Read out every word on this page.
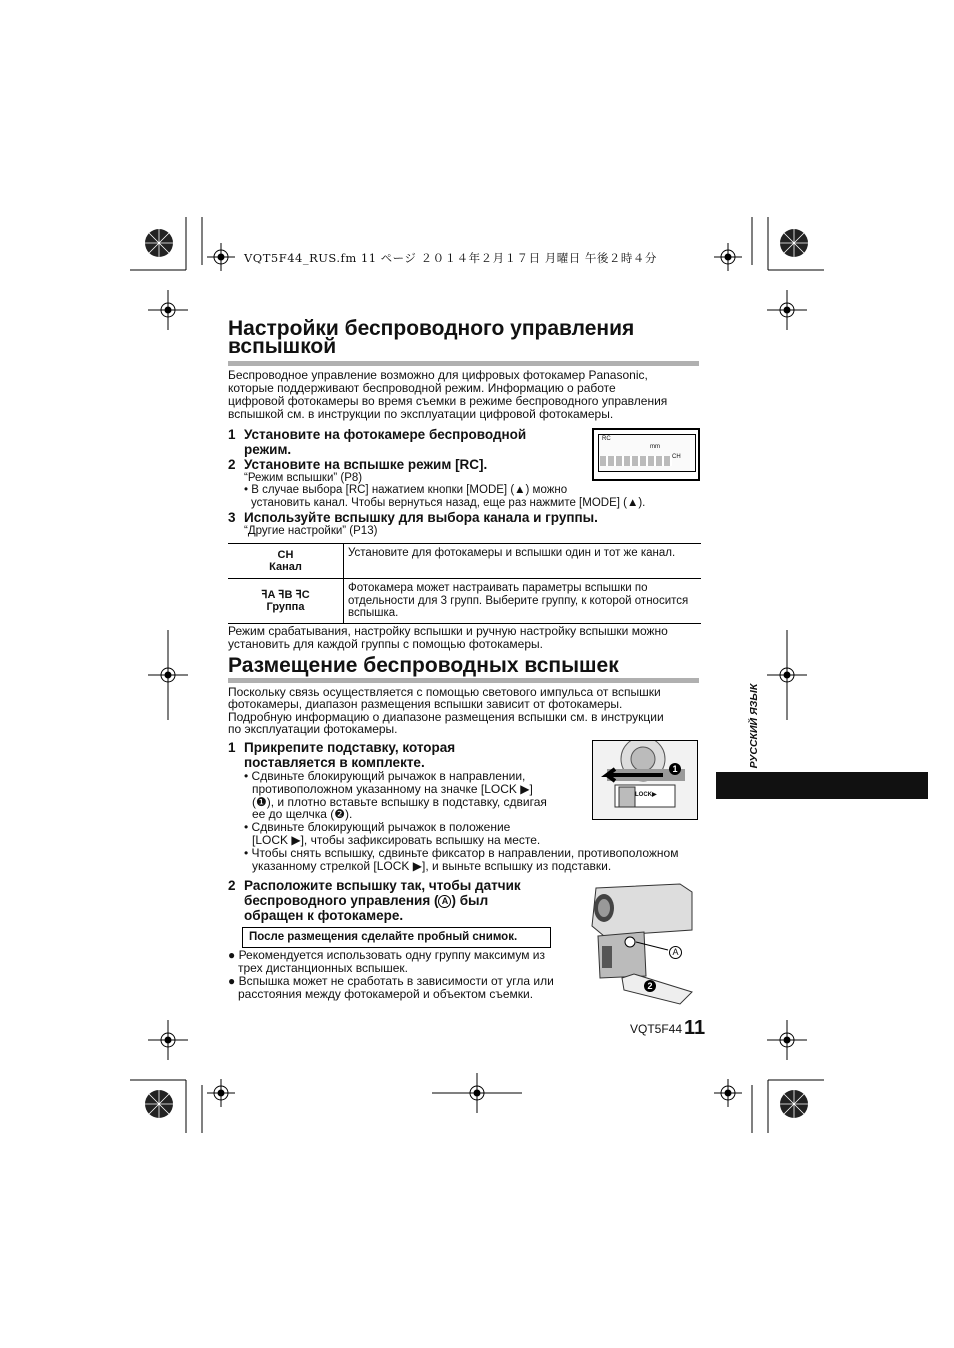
VQT5F44_RUS.fm 11 ページ ２０１４年２月１７日 月曜日 午後２時４分
Настройки беспроводного управления
вспышкой
Беспроводное управление возможно для цифровых фотокамер Panasonic,
которые поддерживают беспроводной режим. Информацию о работе
цифровой фотокамеры во время съемки в режиме беспроводного управления
вспышкой см. в инструкции по эксплуатации цифровой фотокамеры.
1 Установите на фотокамере беспроводной
режим.
2 Установите на вспышке режим [RC].
“Режим вспышки” (P8)
• В случае выбора [RC] нажатием кнопки [MODE] (▲) можно
установить канал. Чтобы вернуться назад, еще раз нажмите [MODE] (▲).
3 Используйте вспышку для выбора канала и группы.
“Другие настройки” (P13)
RC
CH
mm
CH
Канал	Установите для фотокамеры и вспышки один и тот же канал.

ꟻA ꟻB ꟻC
Группа	Фотокамера может настраивать параметры вспышки по отдельности для 3 групп. Выберите группу, к которой относится вспышка.
Режим срабатывания, настройку вспышки и ручную настройку вспышки можно
установить для каждой группы с помощью фотокамеры.
Размещение беспроводных вспышек
Поскольку связь осуществляется с помощью светового импульса от вспышки
фотокамеры, диапазон размещения вспышки зависит от фотокамеры.
Подробную информацию о диапазоне размещения вспышки см. в инструкции
по эксплуатации фотокамеры.
1 Прикрепите подставку, которая
поставляется в комплекте.
• Сдвиньте блокирующий рычажок в направлении,
противоположном указанному на значке [LOCK ▶]
(❶), и плотно вставьте вспышку в подставку, сдвигая
ее до щелчка (❷).
• Сдвиньте блокирующий рычажок в положение
[LOCK ▶], чтобы зафиксировать вспышку на месте.
• Чтобы снять вспышку, сдвиньте фиксатор в направлении, противоположном
указанному стрелкой [LOCK ▶], и выньте вспышку из подставки.
LOCK▶
1
2 Расположите вспышку так, чтобы датчик
беспроводного управления ( A ) был
обращен к фотокамере.
После размещения сделайте пробный снимок.
● Рекомендуется использовать одну группу максимум из
трех дистанционных вспышек.
● Вспышка может не сработать в зависимости от угла или
расстояния между фотокамерой и объектом съемки.
A
2
РУССКИЙ ЯЗЫК
VQT5F44 11
